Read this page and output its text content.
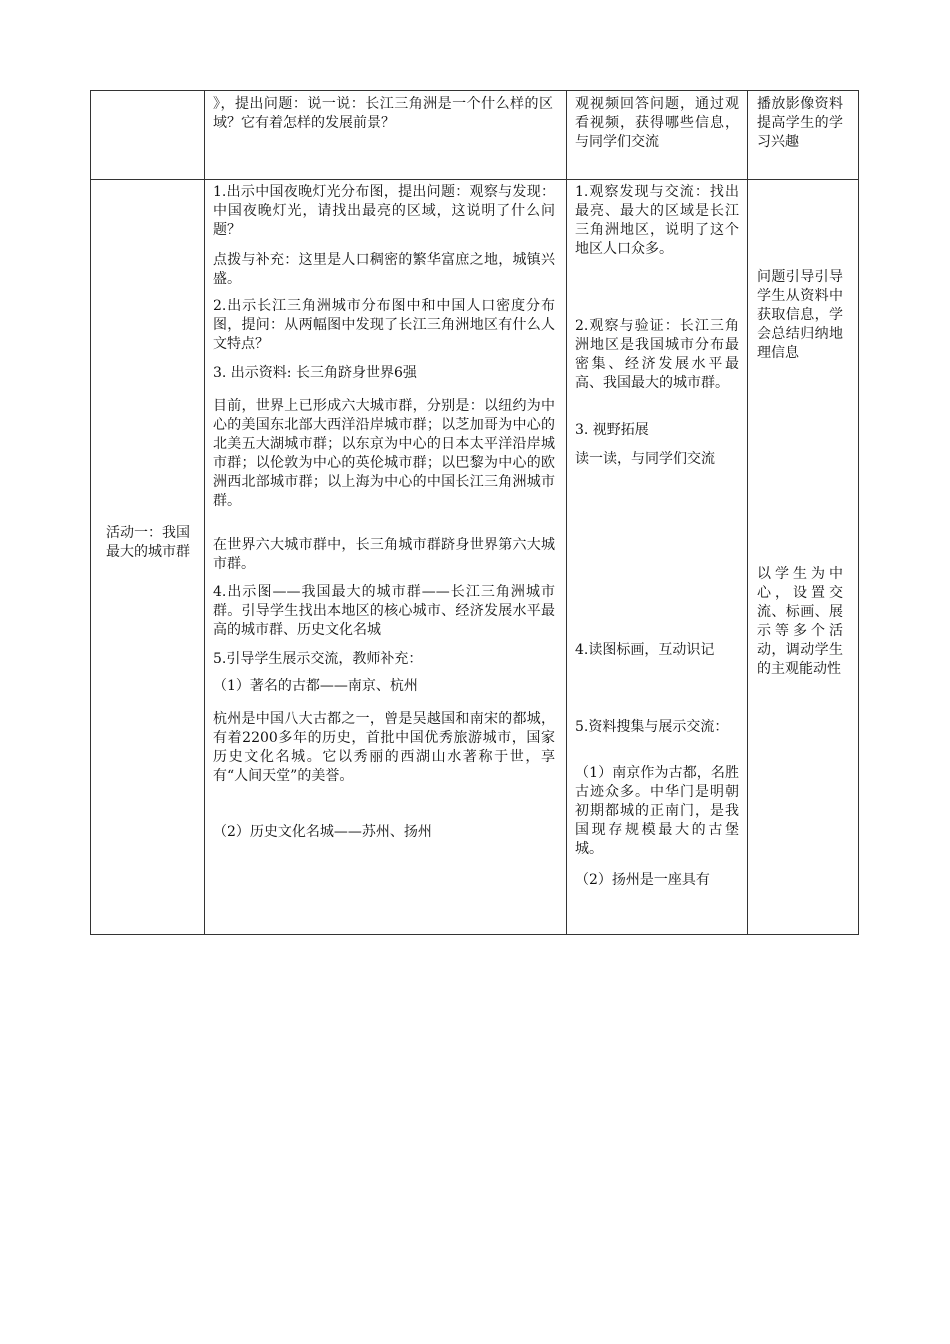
》，提出问题：说一说：长江三角洲是一个什么样的区域？它有着怎样的发展前景？

观视频回答问题，通过观看视频，获得哪些信息，与同学们交流

播放影像资料提高学生的学习兴趣

活动一：我国最大的城市群

1.出示中国夜晚灯光分布图，提出问题：观察与发现：中国夜晚灯光，请找出最亮的区域，这说明了什么问题？

点拨与补充：这里是人口稠密的繁华富庶之地，城镇兴盛。

2.出示长江三角洲城市分布图中和中国人口密度分布图，提问：从两幅图中发现了长江三角洲地区有什么人文特点？

3. 出示资料: 长三角跻身世界6强

目前，世界上已形成六大城市群，分别是：以纽约为中心的美国东北部大西洋沿岸城市群；以芝加哥为中心的北美五大湖城市群；以东京为中心的日本太平洋沿岸城市群；以伦敦为中心的英伦城市群；以巴黎为中心的欧洲西北部城市群；以上海为中心的中国长江三角洲城市群。

在世界六大城市群中，长三角城市群跻身世界第六大城市群。

4.出示图——我国最大的城市群——长江三角洲城市群。引导学生找出本地区的核心城市、经济发展水平最高的城市群、历史文化名城

5.引导学生展示交流，教师补充：

（1）著名的古都——南京、杭州

杭州是中国八大古都之一，曾是吴越国和南宋的都城，有着2200多年的历史，首批中国优秀旅游城市，国家历史文化名城。它以秀丽的西湖山水著称于世，享有“人间天堂”的美誉。

（2）历史文化名城——苏州、扬州

1.观察发现与交流：找出最亮、最大的区域是长江三角洲地区，说明了这个地区人口众多。

2.观察与验证：长江三角洲地区是我国城市分布最密集、经济发展水平最高、我国最大的城市群。

3. 视野拓展

读一读，与同学们交流

4.读图标画，互动识记

5.资料搜集与展示交流：

（1）南京作为古都，名胜古迹众多。中华门是明朝初期都城的正南门，是我国现存规模最大的古堡城。

（2）扬州是一座具有

问题引导引导学生从资料中获取信息，学会总结归纳地理信息

以学生为中心，设置交流、标画、展示等多个活动，调动学生的主观能动性
